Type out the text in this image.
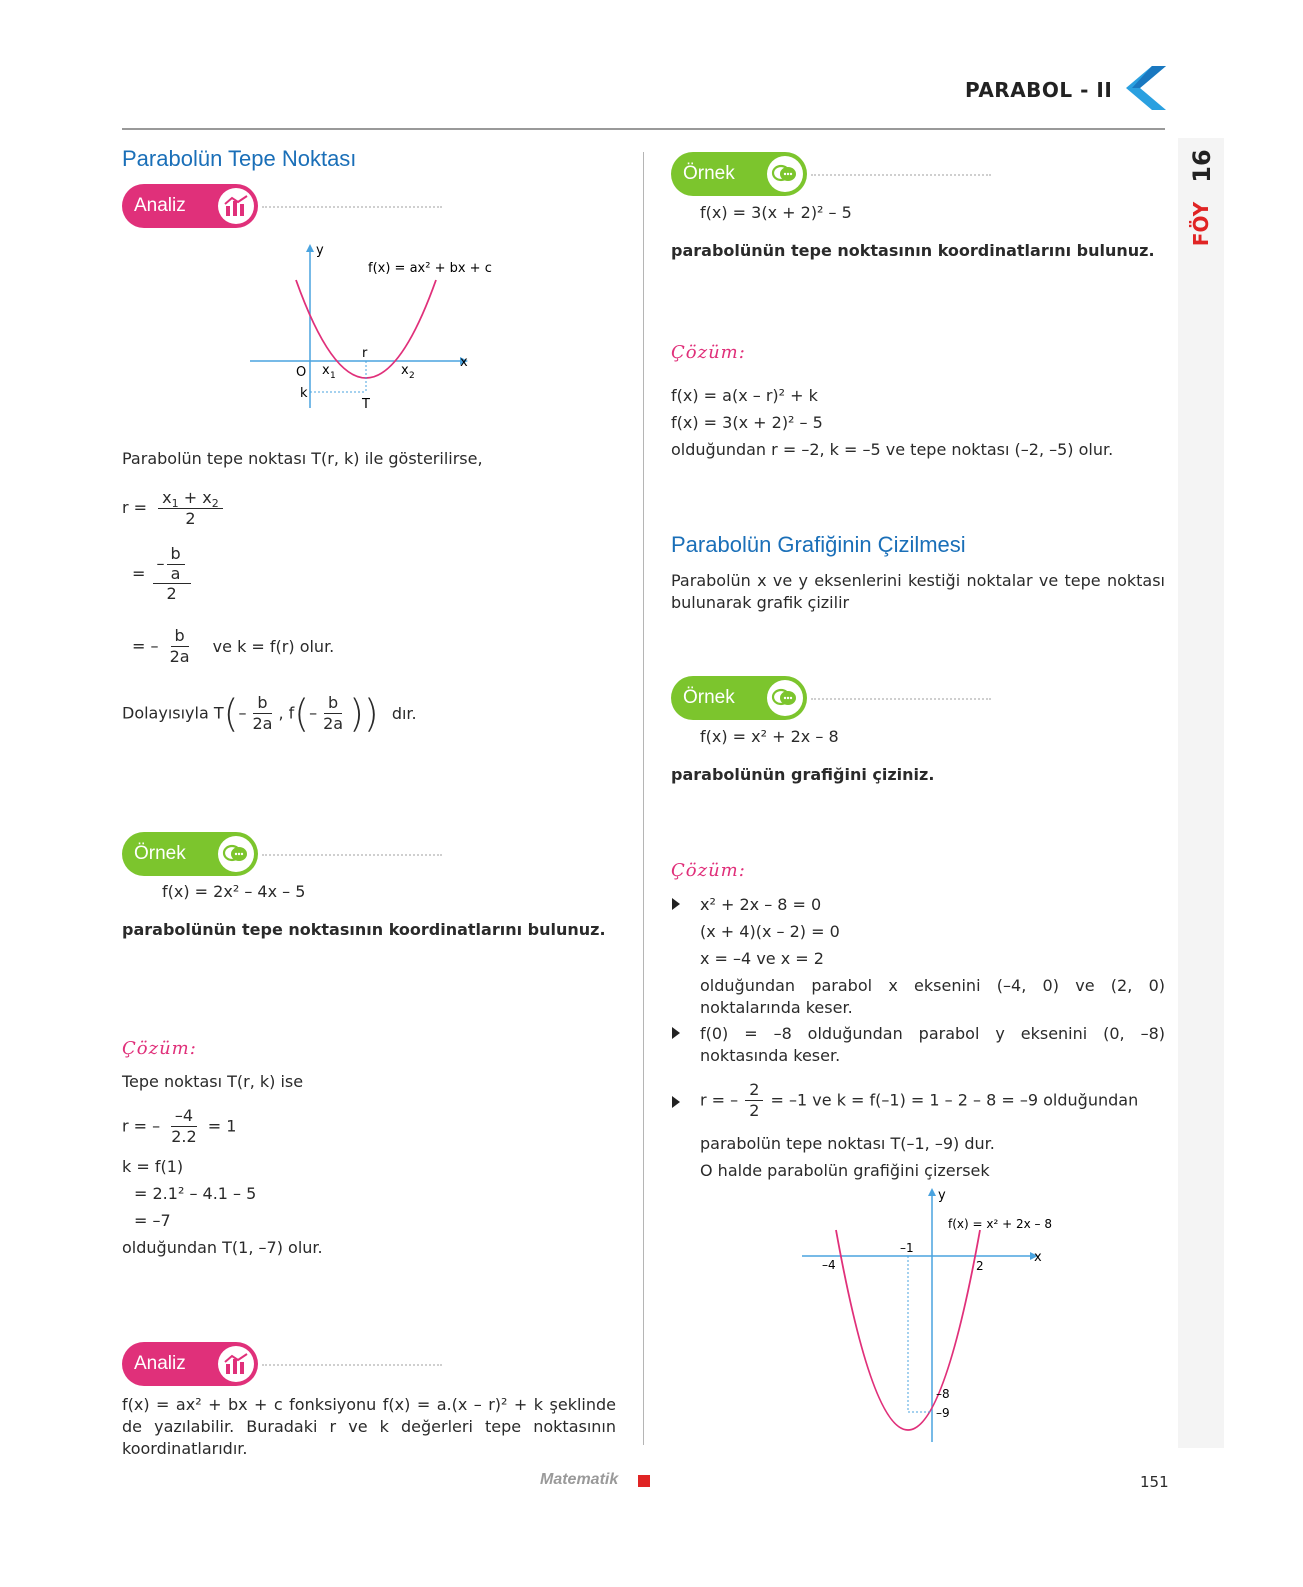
PARABOL - II
16
FÖY
Parabolün Tepe Noktası
Analiz
y
x
f(x) = ax² + bx + c
O
k
r
T
x 1	x 2
Parabolün tepe noktası T(r, k) ile gösterilirse,
$r = \frac{x_1 + x_2}{2}$
= $\frac{- \frac{b}{a}}{2}$
= – $\frac{b}{2a}$ ve k = f(r) olur.
Dolayısıyla $T(- \frac{b}{2a}$ , $f(- \frac{b}{2a}$ )) dır.
Örnek
f(x) = 2x² – 4x – 5
parabolünün tepe noktasının koordinatlarını bulunuz.
Çözüm:
Tepe noktası T(r, k) ise
r = – $\frac{-4}{2.2} = 1$
k = f(1)
= 2.1² – 4.1 – 5
= –7
olduğundan T(1, –7) olur.
Analiz
f(x) = ax² + bx + c fonksiyonu f(x) = a.(x – r)² + k şeklinde de yazılabilir. Buradaki r ve k değerleri tepe noktasının koordinatlarıdır.
Örnek
f(x) = 3(x + 2)² – 5
parabolünün tepe noktasının koordinatlarını bulunuz.
Çözüm:
f(x) = a(x – r)² + k
f(x) = 3(x + 2)² – 5
olduğundan r = –2, k = –5 ve tepe noktası (–2, –5) olur.
Parabolün Grafiğinin Çizilmesi
Parabolün x ve y eksenlerini kestiği noktalar ve tepe noktası bulunarak grafik çizilir
Örnek
f(x) = x² + 2x – 8
parabolünün grafiğini çiziniz.
Çözüm:
x² + 2x – 8 = 0
(x + 4)(x – 2) = 0
x = –4 ve x = 2
olduğundan parabol x eksenini (–4, 0) ve (2, 0) noktalarında keser.
f(0) = –8 olduğundan parabol y eksenini (0, –8) noktasında keser.
r = – $\frac{2}{2} = -1$ ve k = f(–1) = 1 – 2 – 8 = –9 olduğundan
parabolün tepe noktası T(–1, –9) dur.
O halde parabolün grafiğini çizersek
y
x
f(x) = x² + 2x – 8
–4
–1
2
–8
–9
Matematik	151
